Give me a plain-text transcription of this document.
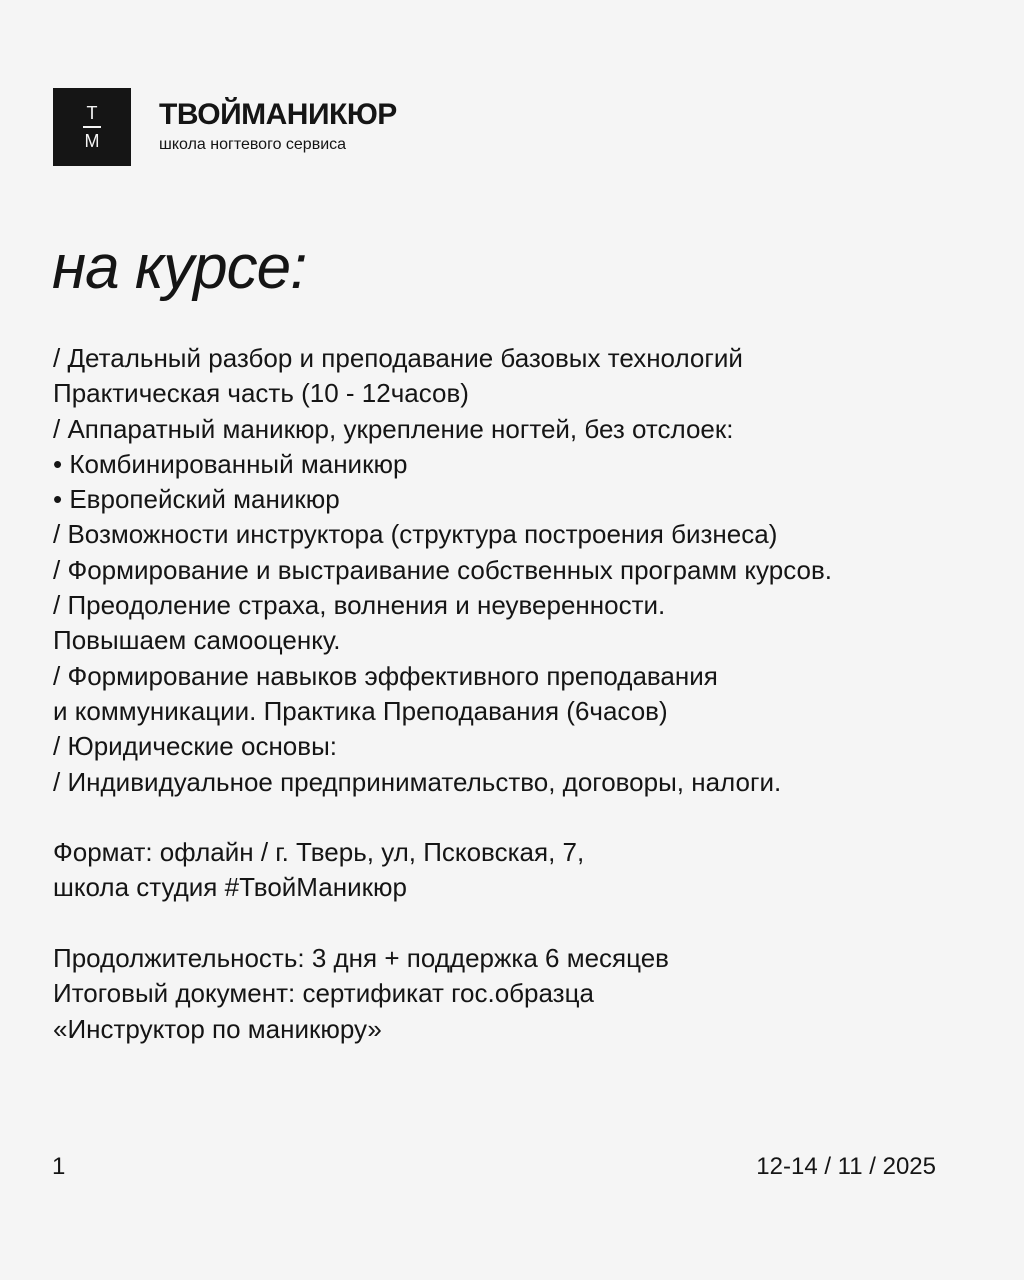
Т
М
ТВОЙМАНИКЮР
школа ногтевого сервиса
на курсе:
/ Детальный разбор и преподавание базовых технологий
Практическая часть (10 - 12часов)
/ Аппаратный маникюр, укрепление ногтей, без отслоек:
• Комбинированный маникюр
• Европейский маникюр
/ Возможности инструктора (структура построения бизнеса)
/ Формирование и выстраивание собственных программ курсов.
/ Преодоление страха, волнения и неуверенности.
Повышаем самооценку.
/ Формирование навыков эффективного преподавания
и коммуникации. Практика Преподавания (6часов)
/ Юридические основы:
/ Индивидуальное предпринимательство, договоры, налоги.
Формат: офлайн / г. Тверь, ул, Псковская, 7,
школа студия #ТвойМаникюр
Продолжительность: 3 дня + поддержка 6 месяцев
Итоговый документ: сертификат гос.образца
«Инструктор по маникюру»
1	12-14 / 11 / 2025
